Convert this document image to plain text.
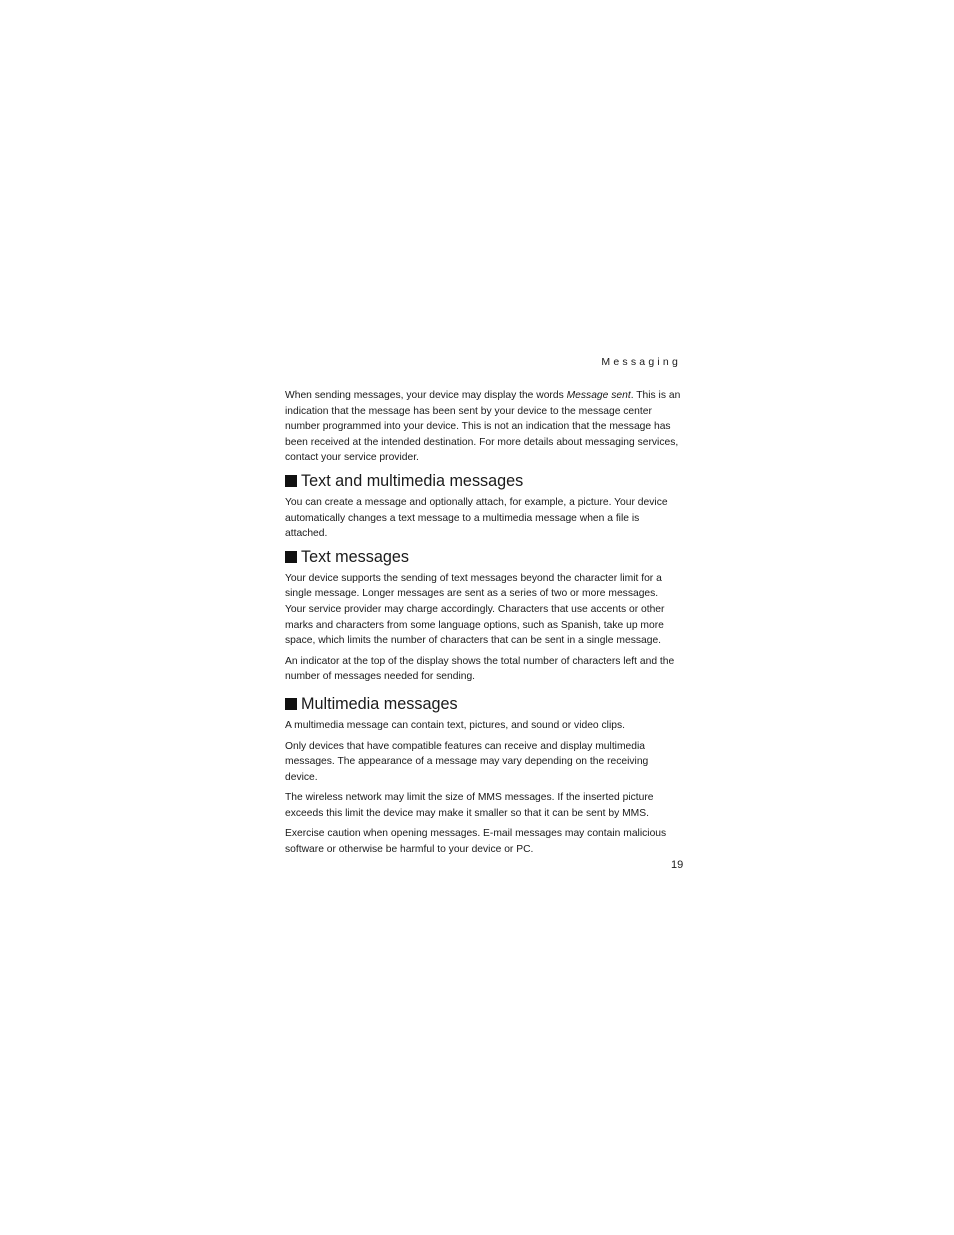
Messaging

When sending messages, your device may display the words Message sent. This is an indication that the message has been sent by your device to the message center number programmed into your device. This is not an indication that the message has been received at the intended destination. For more details about messaging services, contact your service provider.

Text and multimedia messages

You can create a message and optionally attach, for example, a picture. Your device automatically changes a text message to a multimedia message when a file is attached.

Text messages

Your device supports the sending of text messages beyond the character limit for a single message. Longer messages are sent as a series of two or more messages. Your service provider may charge accordingly. Characters that use accents or other marks and characters from some language options, such as Spanish, take up more space, which limits the number of characters that can be sent in a single message.

An indicator at the top of the display shows the total number of characters left and the number of messages needed for sending.

Multimedia messages

A multimedia message can contain text, pictures, and sound or video clips.

Only devices that have compatible features can receive and display multimedia messages. The appearance of a message may vary depending on the receiving device.

The wireless network may limit the size of MMS messages. If the inserted picture exceeds this limit the device may make it smaller so that it can be sent by MMS.

Exercise caution when opening messages. E-mail messages may contain malicious software or otherwise be harmful to your device or PC.

19
